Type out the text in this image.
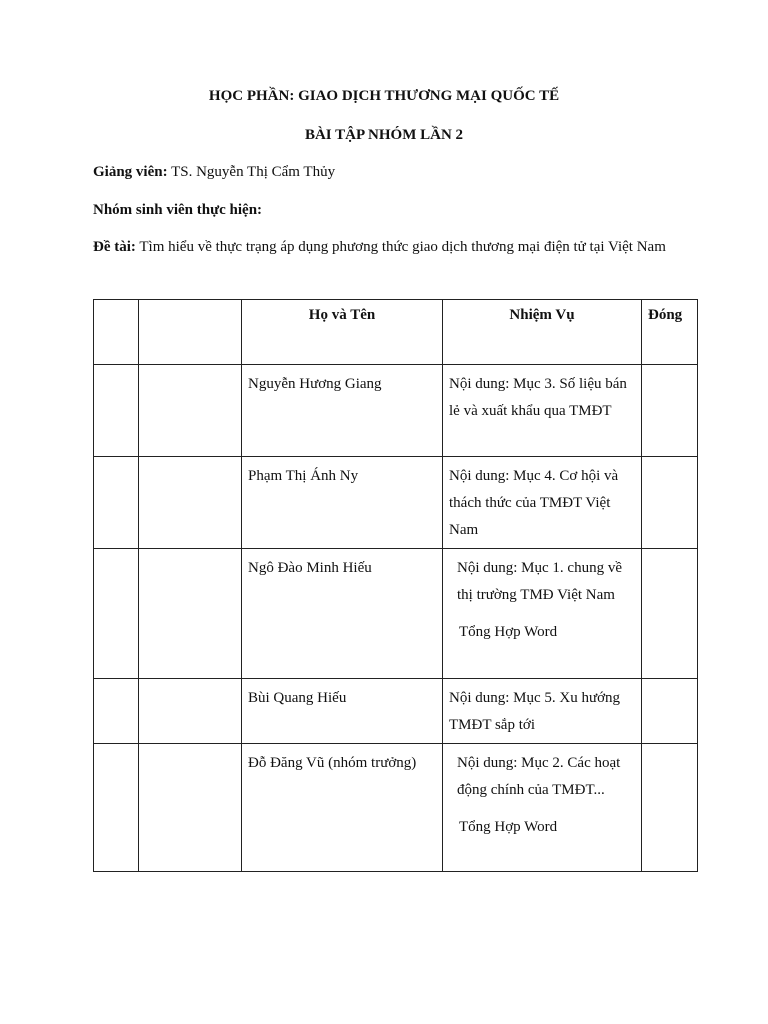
HỌC PHẦN: GIAO DỊCH THƯƠNG MẠI QUỐC TẾ
BÀI TẬP NHÓM LẦN 2
Giảng viên: TS. Nguyễn Thị Cẩm Thủy
Nhóm sinh viên thực hiện:
Đề tài: Tìm hiểu về thực trạng áp dụng phương thức giao dịch thương mại điện tử tại Việt Nam
		Họ và Tên	Nhiệm Vụ	Đóng
		Nguyễn Hương Giang	Nội dung: Mục 3. Số liệu bán lẻ và xuất khẩu qua TMĐT	

		Phạm Thị Ánh Ny	Nội dung: Mục 4. Cơ hội và thách thức của TMĐT Việt Nam	

		Ngô Đào Minh Hiếu	Nội dung: Mục 1. chung về thị trường TMĐ Việt Nam
Tổng Hợp Word	

		Bùi Quang Hiếu	Nội dung: Mục 5. Xu hướng TMĐT sắp tới	

		Đỗ Đăng Vũ (nhóm trưởng)	Nội dung: Mục 2. Các hoạt động chính của TMĐT...
Tổng Hợp Word	
